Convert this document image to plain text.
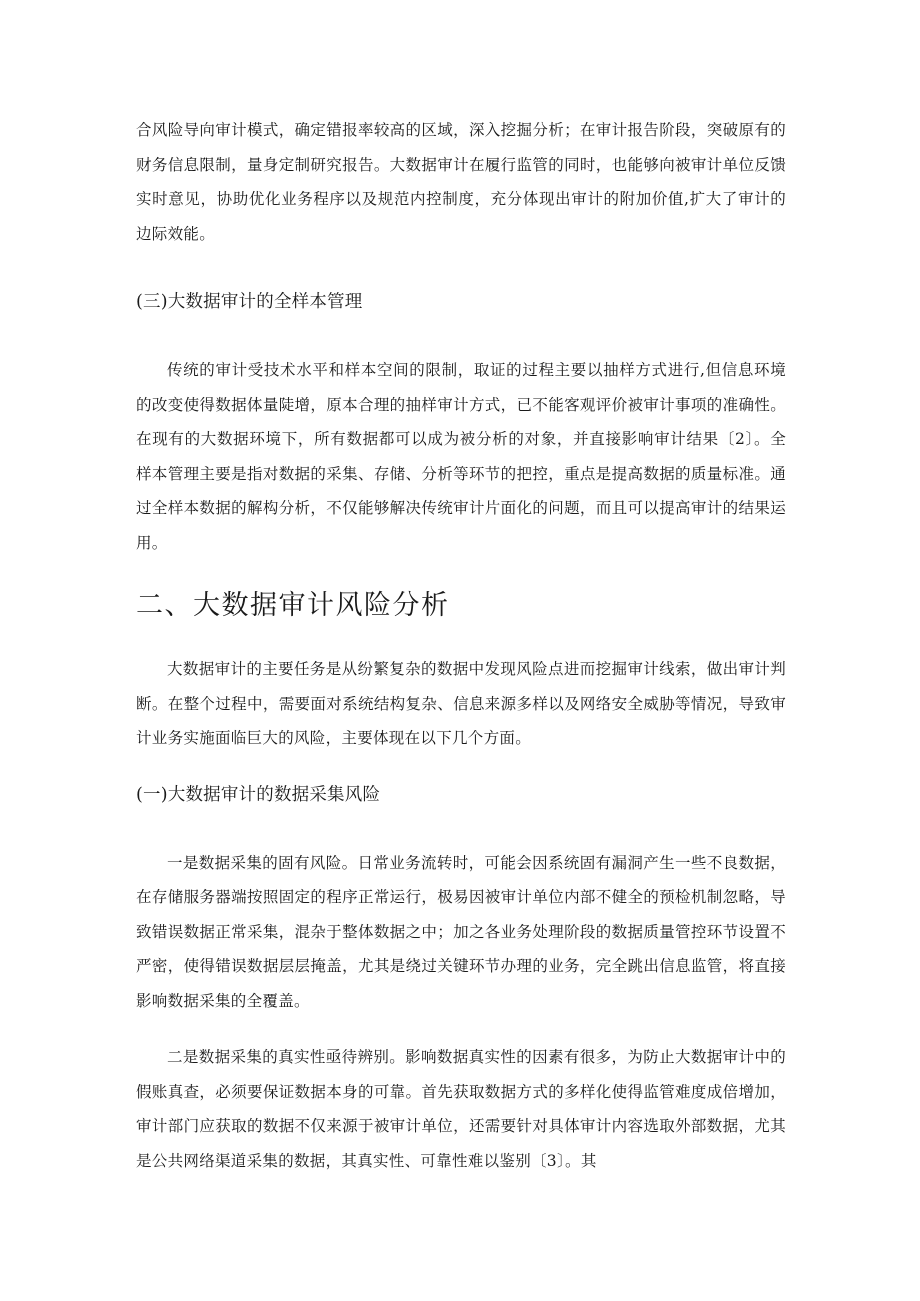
合风险导向审计模式，确定错报率较高的区域，深入挖掘分析；在审计报告阶段，突破原有的财务信息限制，量身定制研究报告。大数据审计在履行监管的同时，也能够向被审计单位反馈实时意见，协助优化业务程序以及规范内控制度，充分体现出审计的附加价值,扩大了审计的边际效能。

(三)大数据审计的全样本管理

传统的审计受技术水平和样本空间的限制，取证的过程主要以抽样方式进行,但信息环境的改变使得数据体量陡增，原本合理的抽样审计方式，已不能客观评价被审计事项的准确性。在现有的大数据环境下，所有数据都可以成为被分析的对象，并直接影响审计结果〔2〕。全样本管理主要是指对数据的采集、存储、分析等环节的把控，重点是提高数据的质量标准。通过全样本数据的解构分析，不仅能够解决传统审计片面化的问题，而且可以提高审计的结果运用。

二、大数据审计风险分析

大数据审计的主要任务是从纷繁复杂的数据中发现风险点进而挖掘审计线索，做出审计判断。在整个过程中，需要面对系统结构复杂、信息来源多样以及网络安全威胁等情况，导致审计业务实施面临巨大的风险，主要体现在以下几个方面。

(一)大数据审计的数据采集风险

一是数据采集的固有风险。日常业务流转时，可能会因系统固有漏洞产生一些不良数据，在存储服务器端按照固定的程序正常运行，极易因被审计单位内部不健全的预检机制忽略，导致错误数据正常采集，混杂于整体数据之中；加之各业务处理阶段的数据质量管控环节设置不严密，使得错误数据层层掩盖，尤其是绕过关键环节办理的业务，完全跳出信息监管，将直接影响数据采集的全覆盖。

二是数据采集的真实性亟待辨别。影响数据真实性的因素有很多，为防止大数据审计中的假账真查，必须要保证数据本身的可靠。首先获取数据方式的多样化使得监管难度成倍增加，审计部门应获取的数据不仅来源于被审计单位，还需要针对具体审计内容选取外部数据，尤其是公共网络渠道采集的数据，其真实性、可靠性难以鉴别〔3〕。其
